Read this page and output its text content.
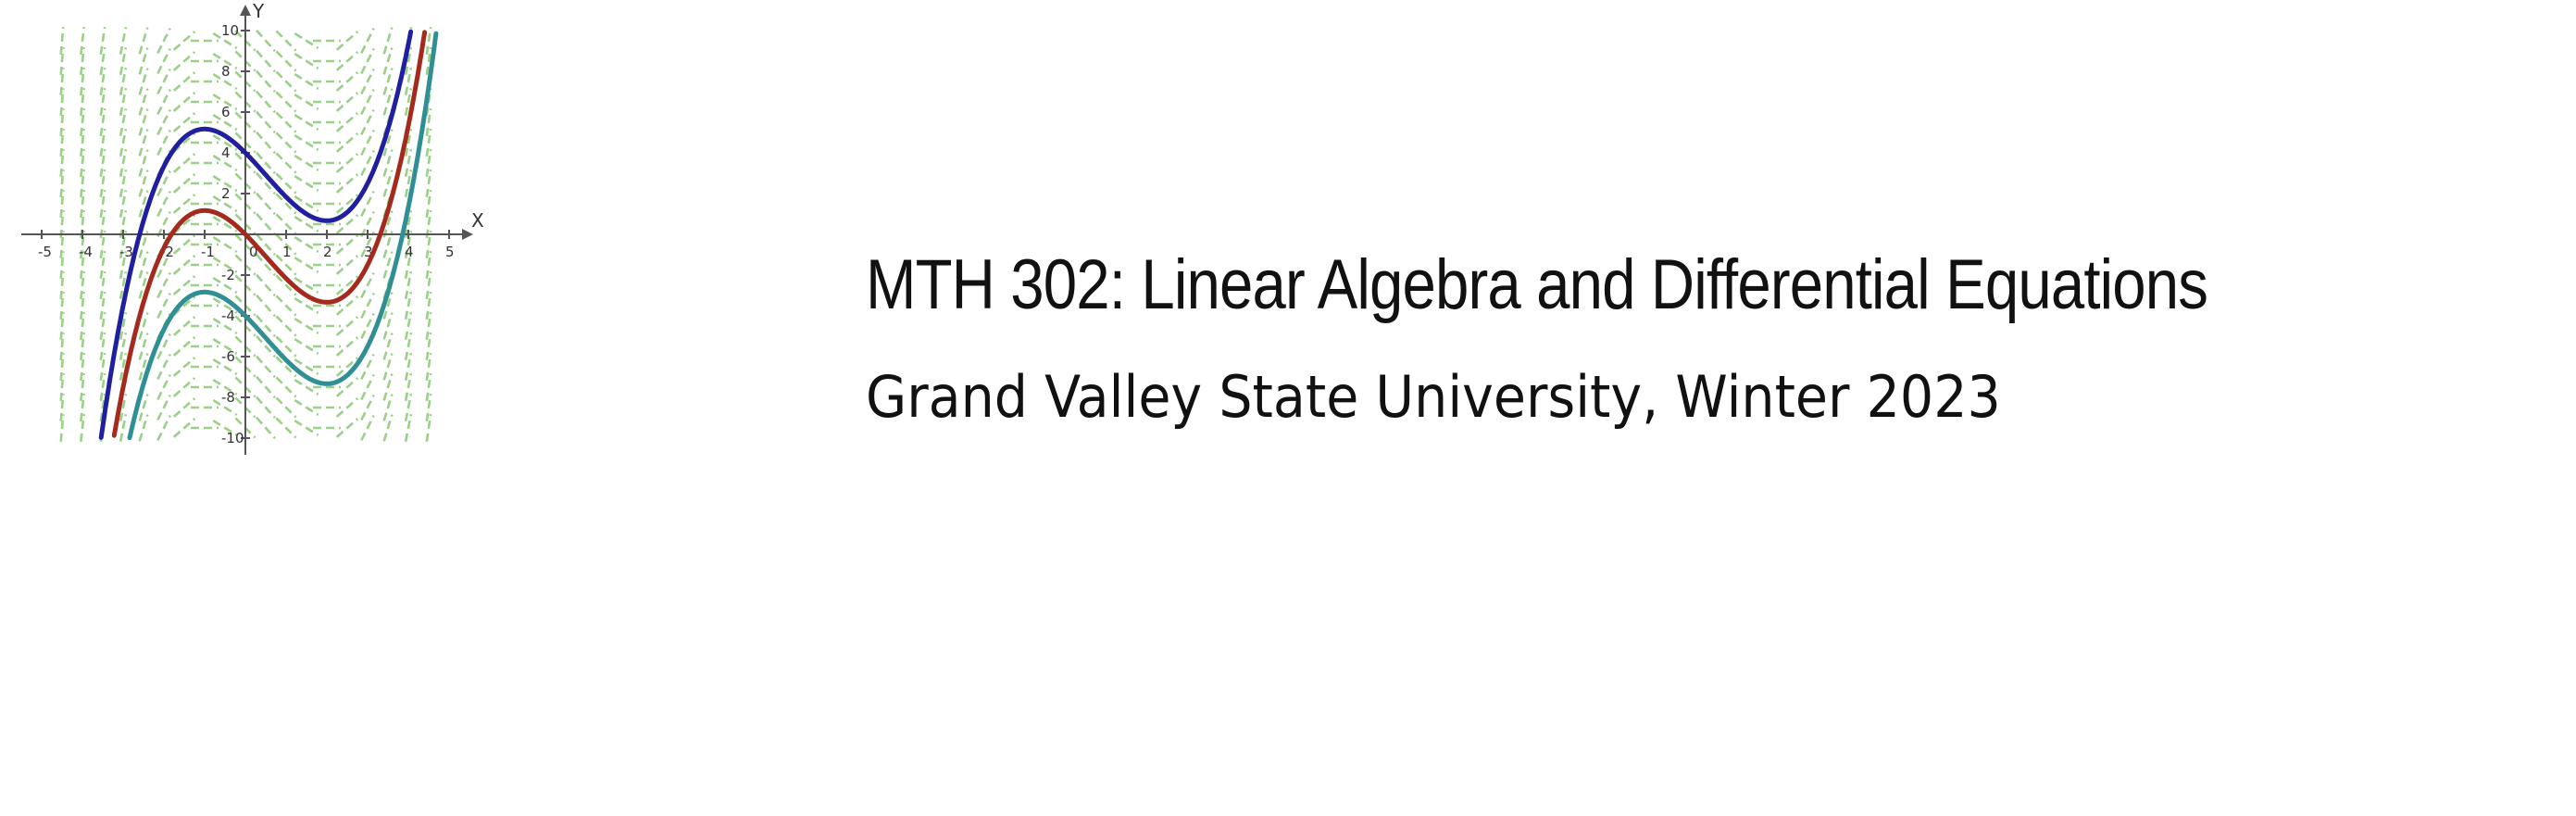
X
Y
-5 -4 -3 -2 -1 0 1 2 3 4 5
-10
-8
-6
-4
-2
2
4
6
8
10
MTH 302: Linear Algebra and Differential Equations
Grand Valley State University, Winter 2023
